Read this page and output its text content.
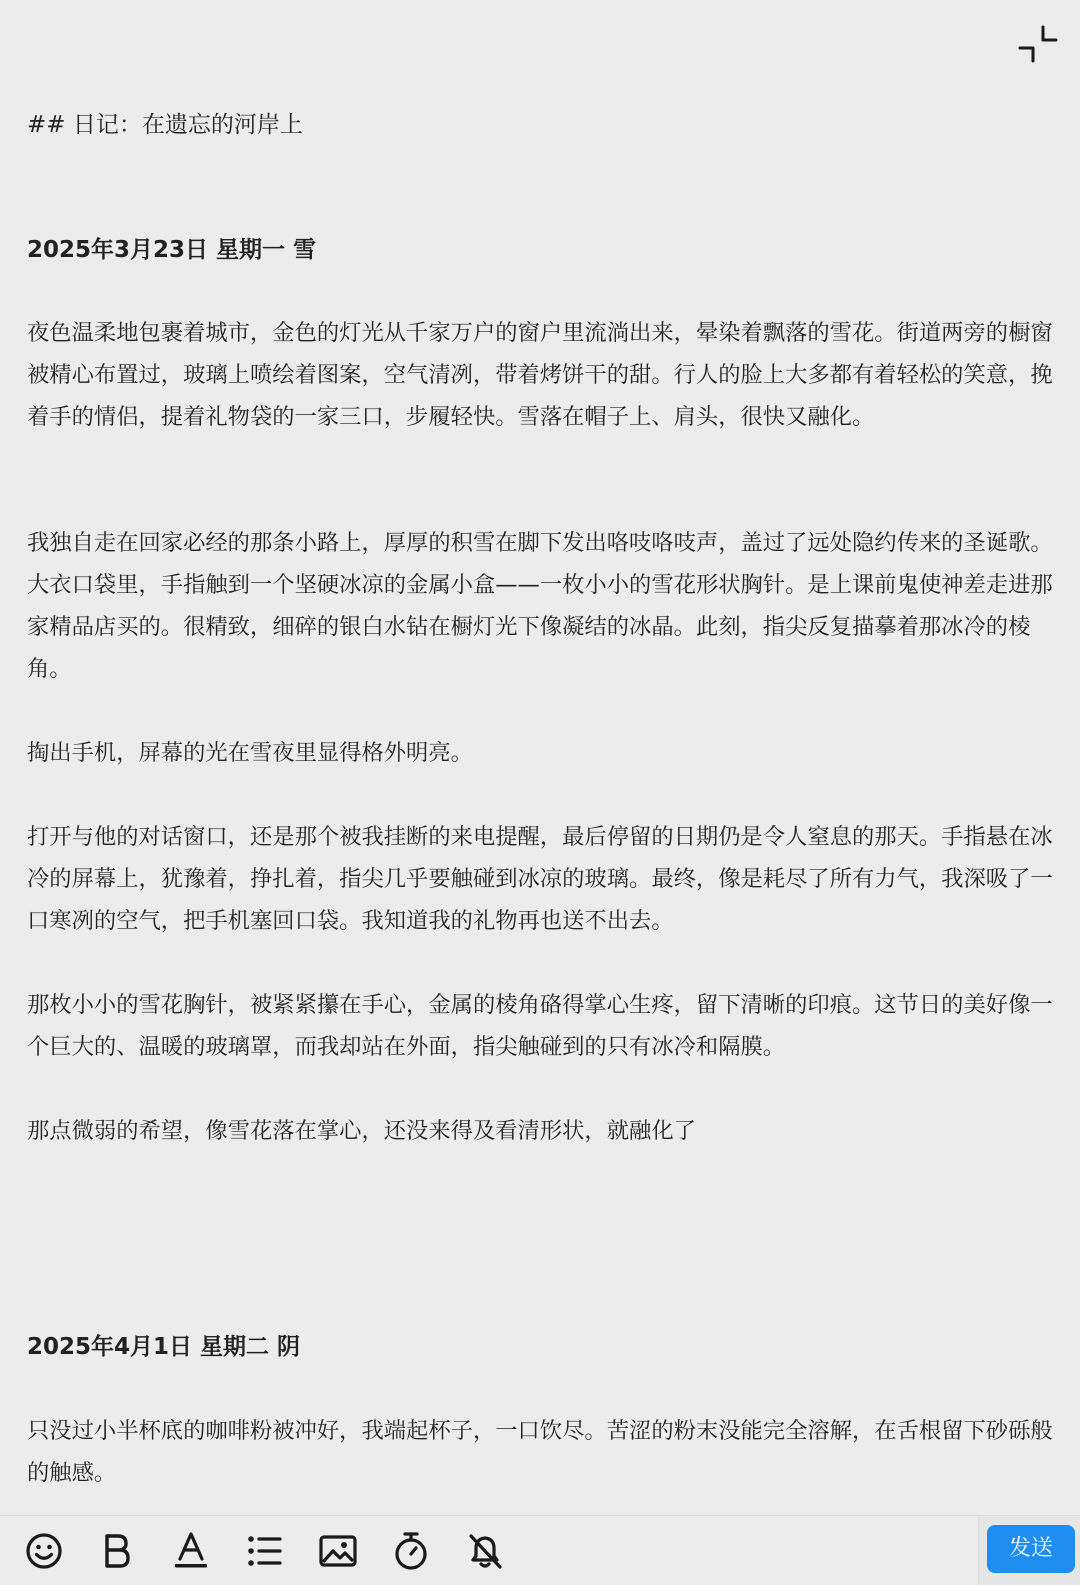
## 日记：在遗忘的河岸上
2025年3月23日 星期一 雪

夜色温柔地包裹着城市，金色的灯光从千家万户的窗户里流淌出来，晕染着飘落的雪花。街道两旁的橱窗被精心布置过，玻璃上喷绘着图案，空气清冽，带着烤饼干的甜。行人的脸上大多都有着轻松的笑意，挽着手的情侣，提着礼物袋的一家三口，步履轻快。雪落在帽子上、肩头，很快又融化。

我独自走在回家必经的那条小路上，厚厚的积雪在脚下发出咯吱咯吱声，盖过了远处隐约传来的圣诞歌。大衣口袋里，手指触到一个坚硬冰凉的金属小盒——一枚小小的雪花形状胸针。是上课前鬼使神差走进那家精品店买的。很精致，细碎的银白水钻在橱灯光下像凝结的冰晶。此刻，指尖反复描摹着那冰冷的棱角。

掏出手机，屏幕的光在雪夜里显得格外明亮。

打开与他的对话窗口，还是那个被我挂断的来电提醒，最后停留的日期仍是令人窒息的那天。手指悬在冰冷的屏幕上，犹豫着，挣扎着，指尖几乎要触碰到冰凉的玻璃。最终，像是耗尽了所有力气，我深吸了一口寒冽的空气，把手机塞回口袋。我知道我的礼物再也送不出去。

那枚小小的雪花胸针，被紧紧攥在手心，金属的棱角硌得掌心生疼，留下清晰的印痕。这节日的美好像一个巨大的、温暖的玻璃罩，而我却站在外面，指尖触碰到的只有冰冷和隔膜。

那点微弱的希望，像雪花落在掌心，还没来得及看清形状，就融化了

2025年4月1日 星期二 阴

只没过小半杯底的咖啡粉被冲好，我端起杯子，一口饮尽。苦涩的粉末没能完全溶解，在舌根留下砂砾般的触感。

发送
